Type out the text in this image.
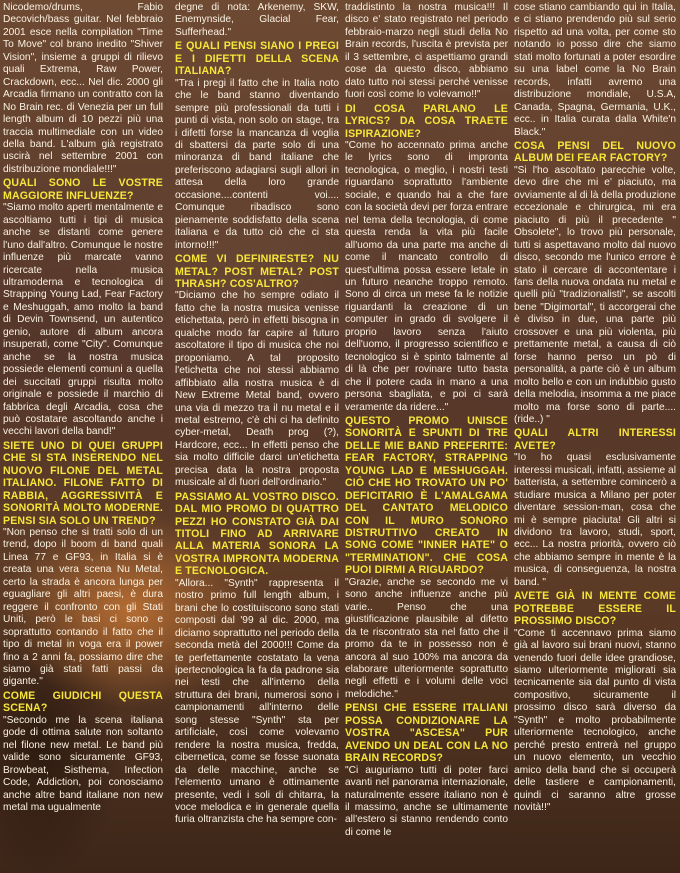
Nicodemo/drums, Fabio Decovich/bass guitar. Nel febbraio 2001 esce nella compilation "Time To Move" col brano inedito "Shiver Vision", insieme a gruppi di rilievo quali Extrema, Raw Power, Crackdown, ecc... Nel dic. 2000 gli Arcadia firmano un contratto con la No Brain rec. di Venezia per un full length album di 10 pezzi più una traccia multimediale con un video della band. L'album già registrato uscirà nel settembre 2001 con distribuzione mondiale!!!"

QUALI SONO LE VOSTRE MAGGIORE INFLUENZE?

"Siamo molto aperti mentalmente e ascoltiamo tutti i tipi di musica anche se distanti come genere l'uno dall'altro. Comunque le nostre influenze più marcate vanno ricercate nella musica ultramoderna e tecnologica di Strapping Young Lad, Fear Factory e Meshuggah, amo molto la band di Devin Townsend, un autentico genio, autore di album ancora insuperati, come "City". Comunque anche se la nostra musica possiede elementi comuni a quella dei succitati gruppi risulta molto originale e possiede il marchio di fabbrica degli Arcadia, cosa che può costatare ascoltando anche i vecchi lavori della band!"

SIETE UNO DI QUEI GRUPPI CHE SI STA INSERENDO NEL NUOVO FILONE DEL METAL ITALIANO. FILONE FATTO DI RABBIA, AGGRESSIVITÀ E SONORITÀ MOLTO MODERNE. PENSI SIA SOLO UN TREND?

"Non penso che si tratti solo di un trend, dopo il boom di band quali Linea 77 e GF93, in Italia si è creata una vera scena Nu Metal, certo la strada è ancora lunga per eguagliare gli altri paesi, è dura reggere il confronto con gli Stati Uniti, però le basi ci sono e soprattutto contando il fatto che il tipo di metal in voga era il power fino a 2 anni fa, possiamo dire che siamo già stati fatti passi da gigante."

COME GIUDICHI QUESTA SCENA?

"Secondo me la scena italiana gode di ottima salute non soltanto nel filone new metal. Le band più valide sono sicuramente GF93, Browbeat, Sisthema, Infection Code, Addiction, poi conosciamo anche altre band italiane non new metal ma ugualmente

degne di nota: Arkenemy, SKW, Enemynside, Glacial Fear, Sufferhead."

E QUALI PENSI SIANO I PREGI E I DIFETTI DELLA SCENA ITALIANA?

"Tra i pregi il fatto che in Italia noto che le band stanno diventando sempre più professionali da tutti i punti di vista, non solo on stage, tra i difetti forse la mancanza di voglia di sbattersi da parte solo di una minoranza di band italiane che preferiscono adagiarsi sugli allori in attesa della loro grande occasione....contenti voi.... Comunque ribadisco sono pienamente soddisfatto della scena italiana e da tutto ciò che ci sta intorno!!!"

COME VI DEFINIRESTE? NU METAL? POST METAL? POST THRASH? COS'ALTRO?

"Diciamo che ho sempre odiato il fatto che la nostra musica venisse etichettata, però in effetti bisogna in qualche modo far capire al futuro ascoltatore il tipo di musica che noi proponiamo. A tal proposito l'etichetta che noi stessi abbiamo affibbiato alla nostra musica è di New Extreme Metal band, ovvero una via di mezzo tra il nu metal e il metal estremo, c'è chi ci ha definito cyber-metal, Death prog (?), Hardcore, ecc... In effetti penso che sia molto difficile darci un'etichetta precisa data la nostra proposta musicale al di fuori dell'ordinario."

PASSIAMO AL VOSTRO DISCO. DAL MIO PROMO DI QUATTRO PEZZI HO CONSTATO GIÀ DAI TITOLI FINO AD ARRIVARE ALLA MATERIA SONORA LA VOSTRA IMPRONTA MODERNA E TECNOLOGICA.

"Allora... "Synth" rappresenta il nostro primo full length album, i brani che lo costituiscono sono stati composti dal '99 al dic. 2000, ma diciamo soprattutto nel periodo della seconda metà del 2000!!! Come da te perfettamente costatato la vena ipertecnologica la fa da padrone sia nei testi che all'interno della struttura dei brani, numerosi sono i campionamenti all'interno delle song stesse "Synth" sta per artificiale, così come volevamo rendere la nostra musica, fredda, cibernetica, come se fosse suonata da delle macchine, anche se l'elemento umano è ottimamente presente, vedi i soli di chitarra, la voce melodica e in generale quella furia oltranzista che ha sempre con-

traddistinto la nostra musica!!! Il disco e' stato registrato nel periodo febbraio-marzo negli studi della No Brain records, l'uscita è prevista per il 3 settembre, ci aspettiamo grandi cose da questo disco, abbiamo dato tutto noi stessi perché venisse fuori così come lo volevamo!!"

DI COSA PARLANO LE LYRICS? DA COSA TRAETE ISPIRAZIONE?

"Come ho accennato prima anche le lyrics sono di impronta tecnologica, o meglio, i nostri testi riguardano soprattutto l'ambiente sociale, e quando hai a che fare con la società devi per forza entrare nel tema della tecnologia, di come questa renda la vita più facile all'uomo da una parte ma anche di come il mancato controllo di quest'ultima possa essere letale in un futuro neanche troppo remoto. Sono di circa un mese fa le notizie riguardanti la creazione di un computer in grado di svolgere il proprio lavoro senza l'aiuto dell'uomo, il progresso scientifico e tecnologico si è spinto talmente al di là che per rovinare tutto basta che il potere cada in mano a una persona sbagliata, e poi ci sarà veramente da ridere..."

QUESTO PROMO UNISCE SONORITÀ E SPUNTI DI TRE DELLE MIE BAND PREFERITE: FEAR FACTORY, STRAPPING YOUNG LAD E MESHUGGAH. CIÒ CHE HO TROVATO UN PO' DEFICITARIO È L'AMALGAMA DEL CANTATO MELODICO CON IL MURO SONORO DISTRUTTIVO CREATO IN SONG COME "INNER HATE" O "TERMINATION". CHE COSA PUOI DIRMI A RIGUARDO?

"Grazie, anche se secondo me vi sono anche influenze anche più varie.. Penso che una giustificazione plausibile al difetto da te riscontrato sta nel fatto che il promo da te in possesso non è ancora al suo 100% ma ancora da elaborare ulteriormente soprattutto negli effetti e i volumi delle voci melodiche."

PENSI CHE ESSERE ITALIANI POSSA CONDIZIONARE LA VOSTRA "ASCESA" PUR AVENDO UN DEAL CON LA NO BRAIN RECORDS?

"Ci auguriamo tutti di poter farci avanti nel panorama internazionale, naturalmente essere italiano non è il massimo, anche se ultimamente all'estero si stanno rendendo conto di come le

cose stiano cambiando qui in Italia, e ci stiano prendendo più sul serio rispetto ad una volta, per come sto notando io posso dire che siamo stati molto fortunati a poter esordire su una label come la No Brain records, infatti avremo una distribuzione mondiale, U.S.A, Canada, Spagna, Germania, U.K., ecc.. in Italia curata dalla White'n Black."

COSA PENSI DEL NUOVO ALBUM DEI FEAR FACTORY?

"Si l'ho ascoltato parecchie volte, devo dire che mi e' piaciuto, ma ovviamente al di là della produzione eccezionale e chirurgica, mi era piaciuto di più il precedente " Obsolete", lo trovo più personale, tutti si aspettavano molto dal nuovo disco, secondo me l'unico errore è stato il cercare di accontentare i fans della nuova ondata nu metal e quelli più "tradizionalisti", se ascolti bene "Digimortal", ti accorgerai che è diviso in due, una parte più crossover e una più violenta, più prettamente metal, a causa di ciò forse hanno perso un pò di personalità, a parte ciò è un album molto bello e con un indubbio gusto della melodia, insomma a me piace molto ma forse sono di parte.... (ride..) "

QUALI ALTRI INTERESSI AVETE?

"Io ho quasi esclusivamente interessi musicali, infatti, assieme al batterista, a settembre comincerò a studiare musica a Milano per poter diventare session-man, cosa che mi è sempre piaciuta! Gli altri si dividono tra lavoro, studi, sport, ecc... La nostra priorità, ovvero ciò che abbiamo sempre in mente è la musica, di conseguenza, la nostra band. "

AVETE GIÀ IN MENTE COME POTREBBE ESSERE IL PROSSIMO DISCO?

"Come ti accennavo prima siamo già al lavoro sui brani nuovi, stanno venendo fuori delle idee grandiose, siamo ulteriormente migliorati sia tecnicamente sia dal punto di vista compositivo, sicuramente il prossimo disco sarà diverso da "Synth" e molto probabilmente ulteriormente tecnologico, anche perché presto entrerà nel gruppo un nuovo elemento, un vecchio amico della band che si occuperà delle tastiere e campionamenti, quindi ci saranno altre grosse novità!!"
